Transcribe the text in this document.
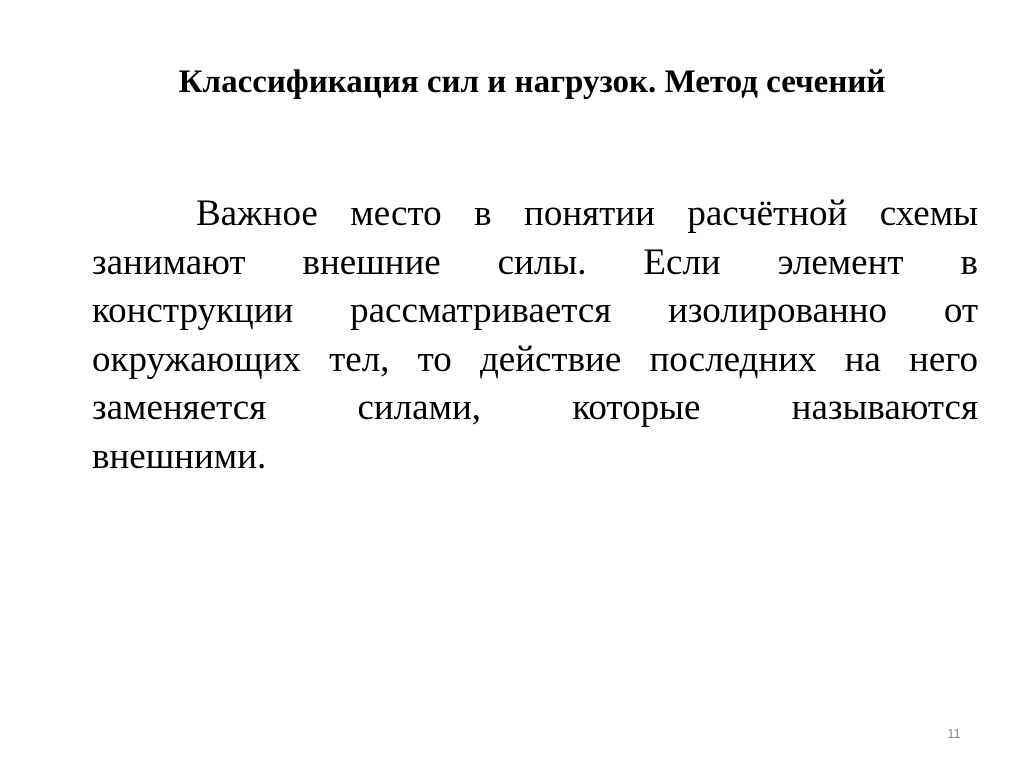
Классификация сил и нагрузок. Метод сечений
Важное место в понятии расчётной схемы
занимают внешние силы. Если элемент в
конструкции рассматривается изолированно от
окружающих тел, то действие последних на него
заменяется силами, которые называются
внешними.
11
